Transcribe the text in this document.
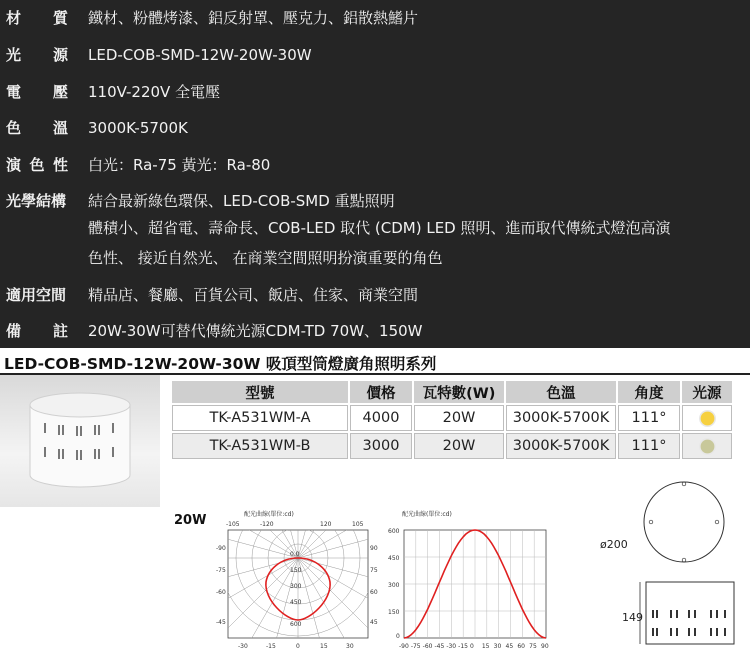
材 質 鐵材、粉體烤漆、鋁反射罩、壓克力、鋁散熱鰭片
光 源 LED-COB-SMD-12W-20W-30W
電 壓 110V-220V 全電壓
色 溫 3000K-5700K
演 色 性 白光：Ra-75 黃光：Ra-80
光學結構 結合最新綠色環保、LED-COB-SMD 重點照明
體積小、超省電、壽命長、COB-LED 取代 (CDM) LED 照明、進而取代傳統式燈泡高演
色性、 接近自然光、 在商業空間照明扮演重要的角色
適用空間 精品店、餐廳、百貨公司、飯店、住家、商業空間
備 註 20W-30W可替代傳統光源CDM-TD 70W、150W
LED-COB-SMD-12W-20W-30W 吸頂型筒燈廣角照明系列
型號	價格	瓦特數(W)	色溫	角度	光源
TK-A531WM-A	4000	20W	3000K-5700K	111°	
TK-A531WM-B	3000	20W	3000K-5700K	111°	
20W	配光曲線(單位:cd)
-105	-120	120	105
-90
-75
-60
-45
90
75
60
45
0.0
150
300
450
600
-30	-15	0	15	30
配光曲線(單位:cd)
600
450
300
150
0
-90 -75 -60 -45 -30 -15 0 15 30 45 60 75 90
ø200
149
